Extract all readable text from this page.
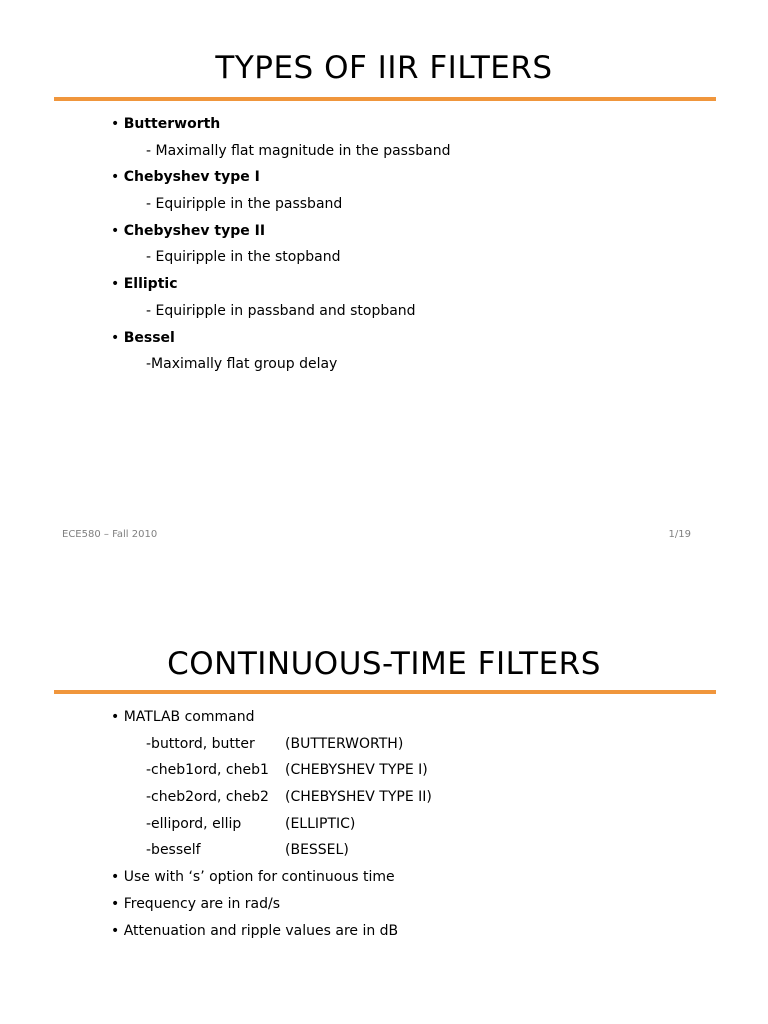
TYPES OF IIR FILTERS
• Butterworth
- Maximally flat magnitude in the passband
• Chebyshev type I
- Equiripple in the passband
• Chebyshev type II
- Equiripple in the stopband
• Elliptic
- Equiripple in passband and stopband
• Bessel
-Maximally flat group delay
ECE580 – Fall 2010	1/19
CONTINUOUS-TIME FILTERS
• MATLAB command
-buttord, butter (BUTTERWORTH)
-cheb1ord, cheb1 (CHEBYSHEV TYPE I)
-cheb2ord, cheb2 (CHEBYSHEV TYPE II)
-ellipord, ellip	(ELLIPTIC)
-besself	(BESSEL)
• Use with ‘s’ option for continuous time
• Frequency are in rad/s
• Attenuation and ripple values are in dB
